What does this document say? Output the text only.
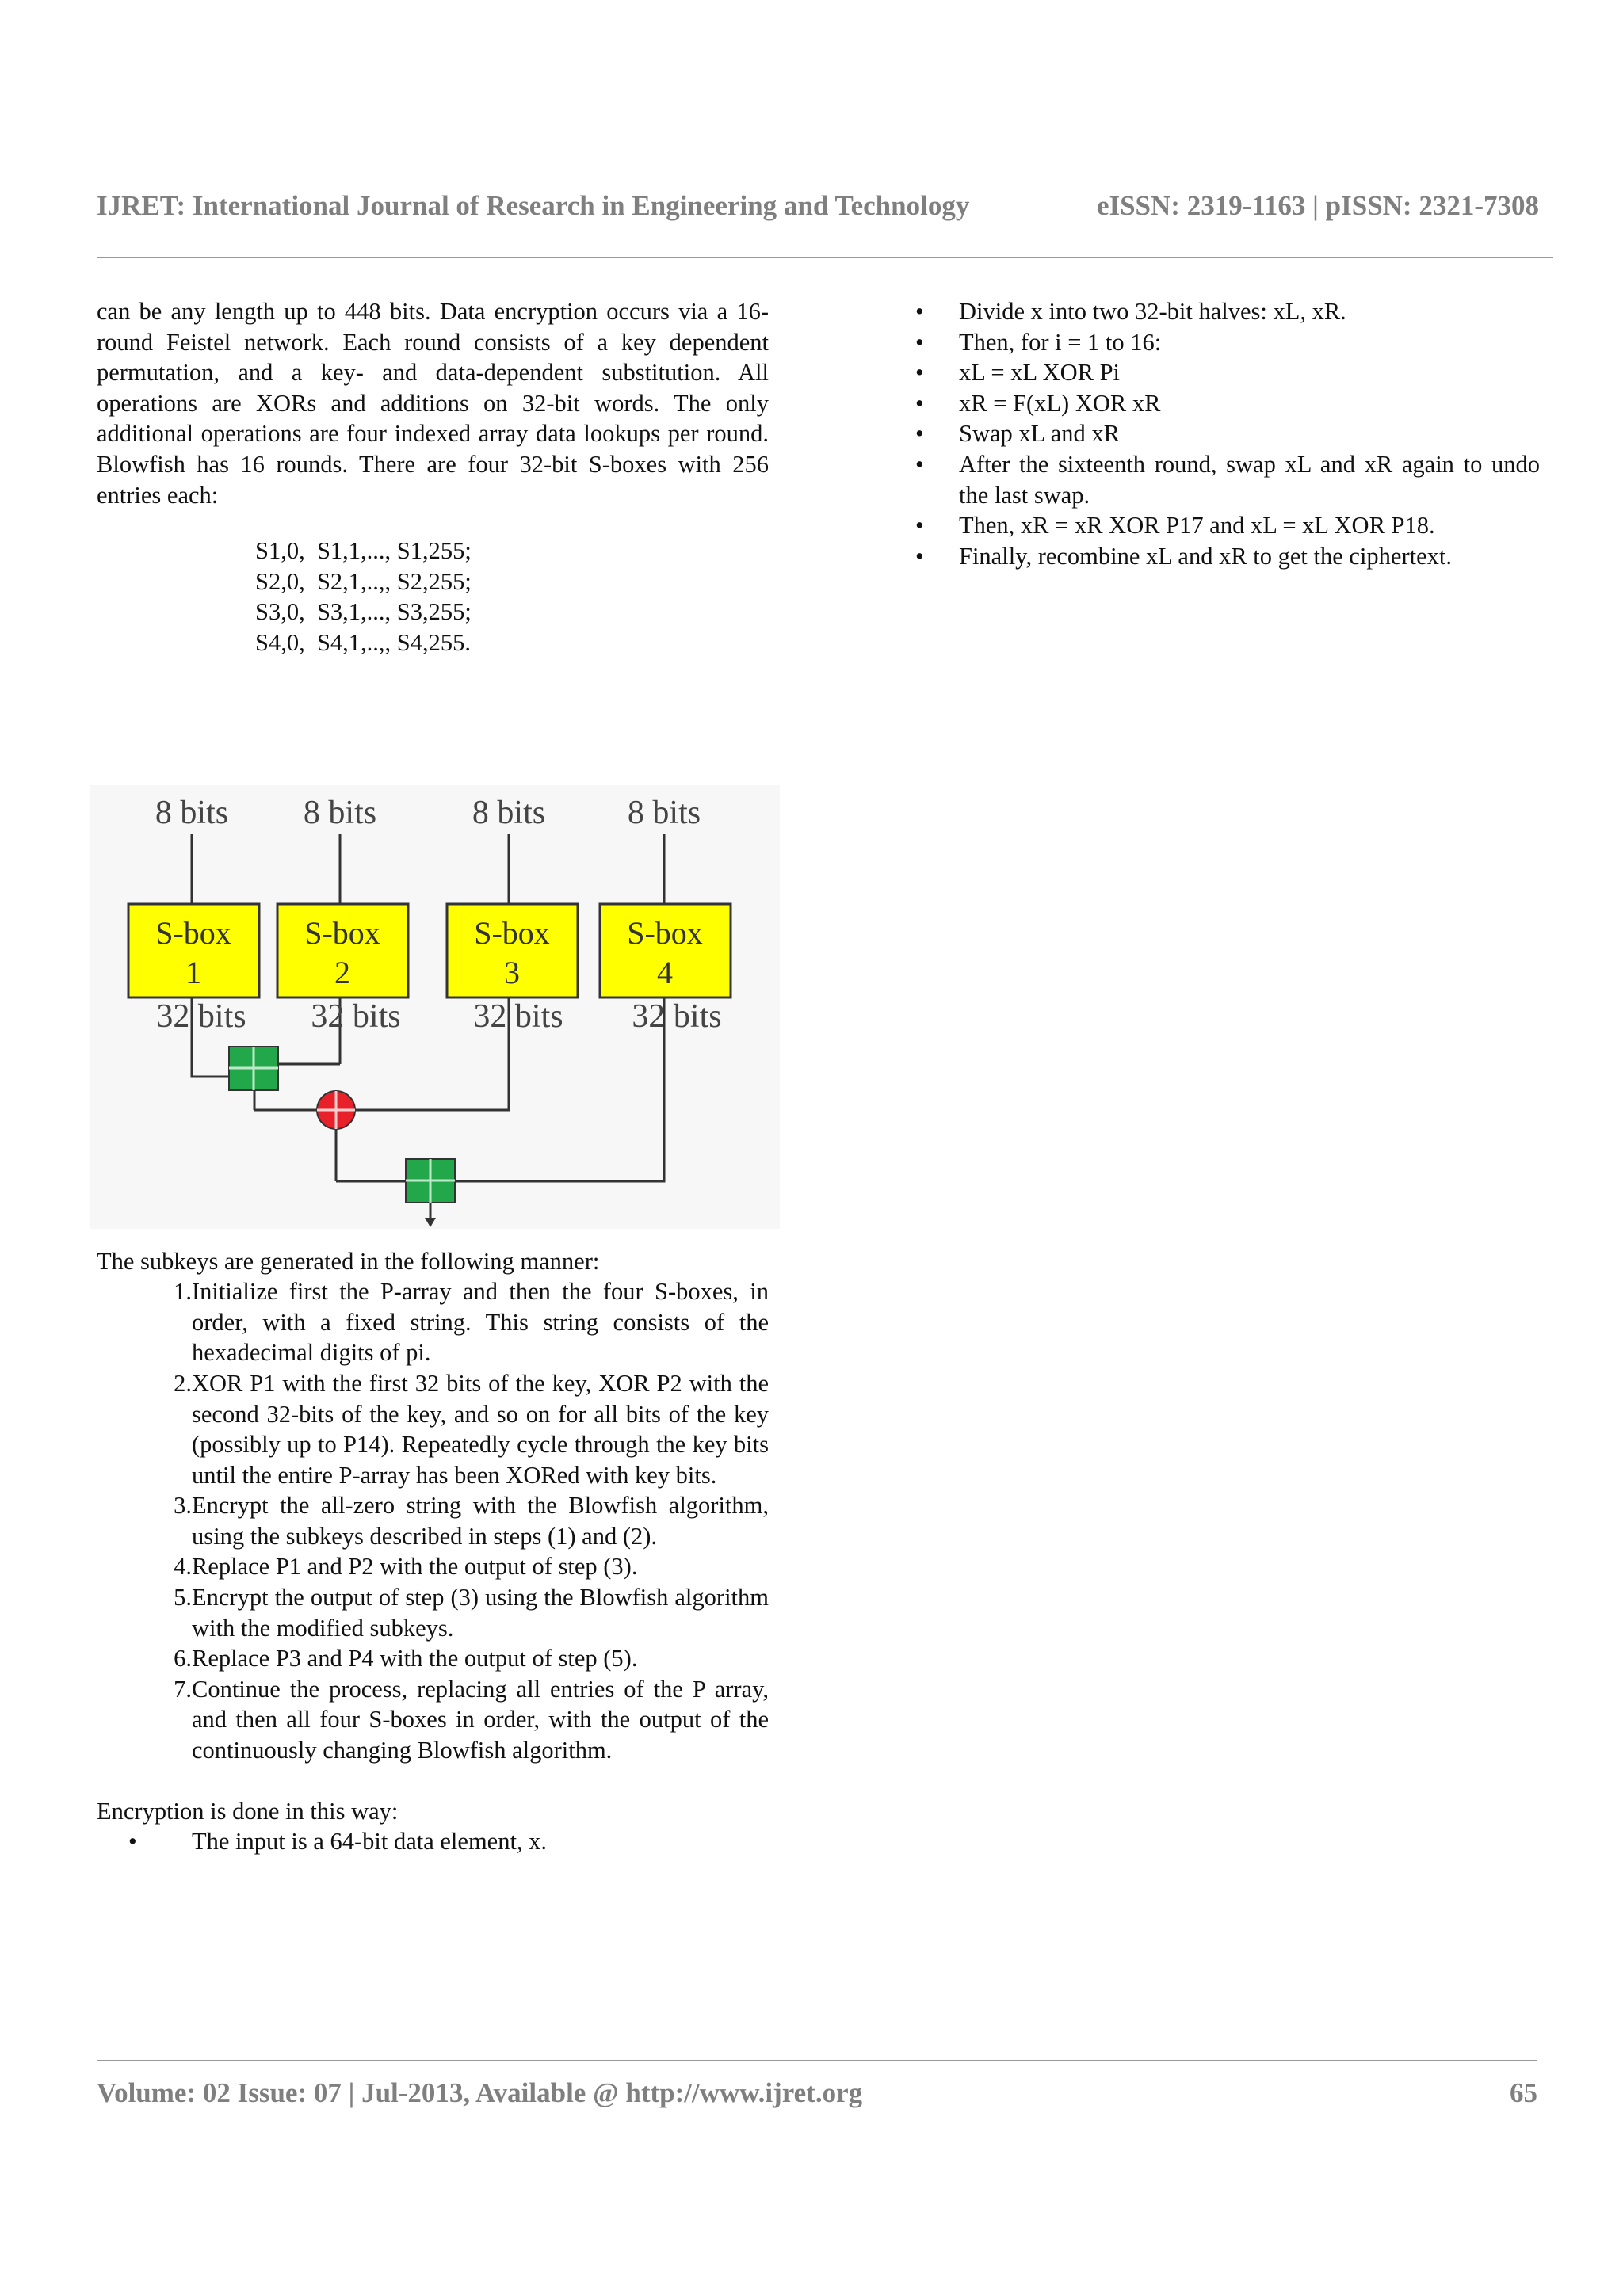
IJRET: International Journal of Research in Engineering and Technology	eISSN: 2319-1163 | pISSN: 2321-7308

can be any length up to 448 bits. Data encryption occurs via a 16-round Feistel network. Each round consists of a key dependent permutation, and a key- and data-dependent substitution. All operations are XORs and additions on 32-bit words. The only additional operations are four indexed array data lookups per round. Blowfish has 16 rounds. There are four 32-bit S-boxes with 256 entries each:

S1,0,  S1,1,..., S1,255;
S2,0,  S2,1,..,, S2,255;
S3,0,  S3,1,..., S3,255;
S4,0,  S4,1,..,, S4,255.
8 bits 8 bits	8 bits 8 bits
S-box
1
S-box
2
S-box
3
S-box
4
32 bits 32 bits 32 bits 32 bits

The subkeys are generated in the following manner:

1. Initialize first the P-array and then the four S-boxes, in order, with a fixed string. This string consists of the hexadecimal digits of pi.
2. XOR P1 with the first 32 bits of the key, XOR P2 with the second 32-bits of the key, and so on for all bits of the key (possibly up to P14). Repeatedly cycle through the key bits until the entire P-array has been XORed with key bits.
3. Encrypt the all-zero string with the Blowfish algorithm, using the subkeys described in steps (1) and (2).
4. Replace P1 and P2 with the output of step (3).
5. Encrypt the output of step (3) using the Blowfish algorithm with the modified subkeys.
6. Replace P3 and P4 with the output of step (5).
7. Continue the process, replacing all entries of the P array, and then all four S-boxes in order, with the output of the continuously changing Blowfish algorithm.

Encryption is done in this way:

•	The input is a 64-bit data element, x.
•	Divide x into two 32-bit halves: xL, xR.
•	Then, for i = 1 to 16:
•	xL = xL XOR Pi
•	xR = F(xL) XOR xR
•	Swap xL and xR
•	After the sixteenth round, swap xL and xR again to undo the last swap.
•	Then, xR = xR XOR P17 and xL = xL XOR P18.
•	Finally, recombine xL and xR to get the ciphertext.
Volume: 02 Issue: 07 | Jul-2013, Available @ http://www.ijret.org	65
